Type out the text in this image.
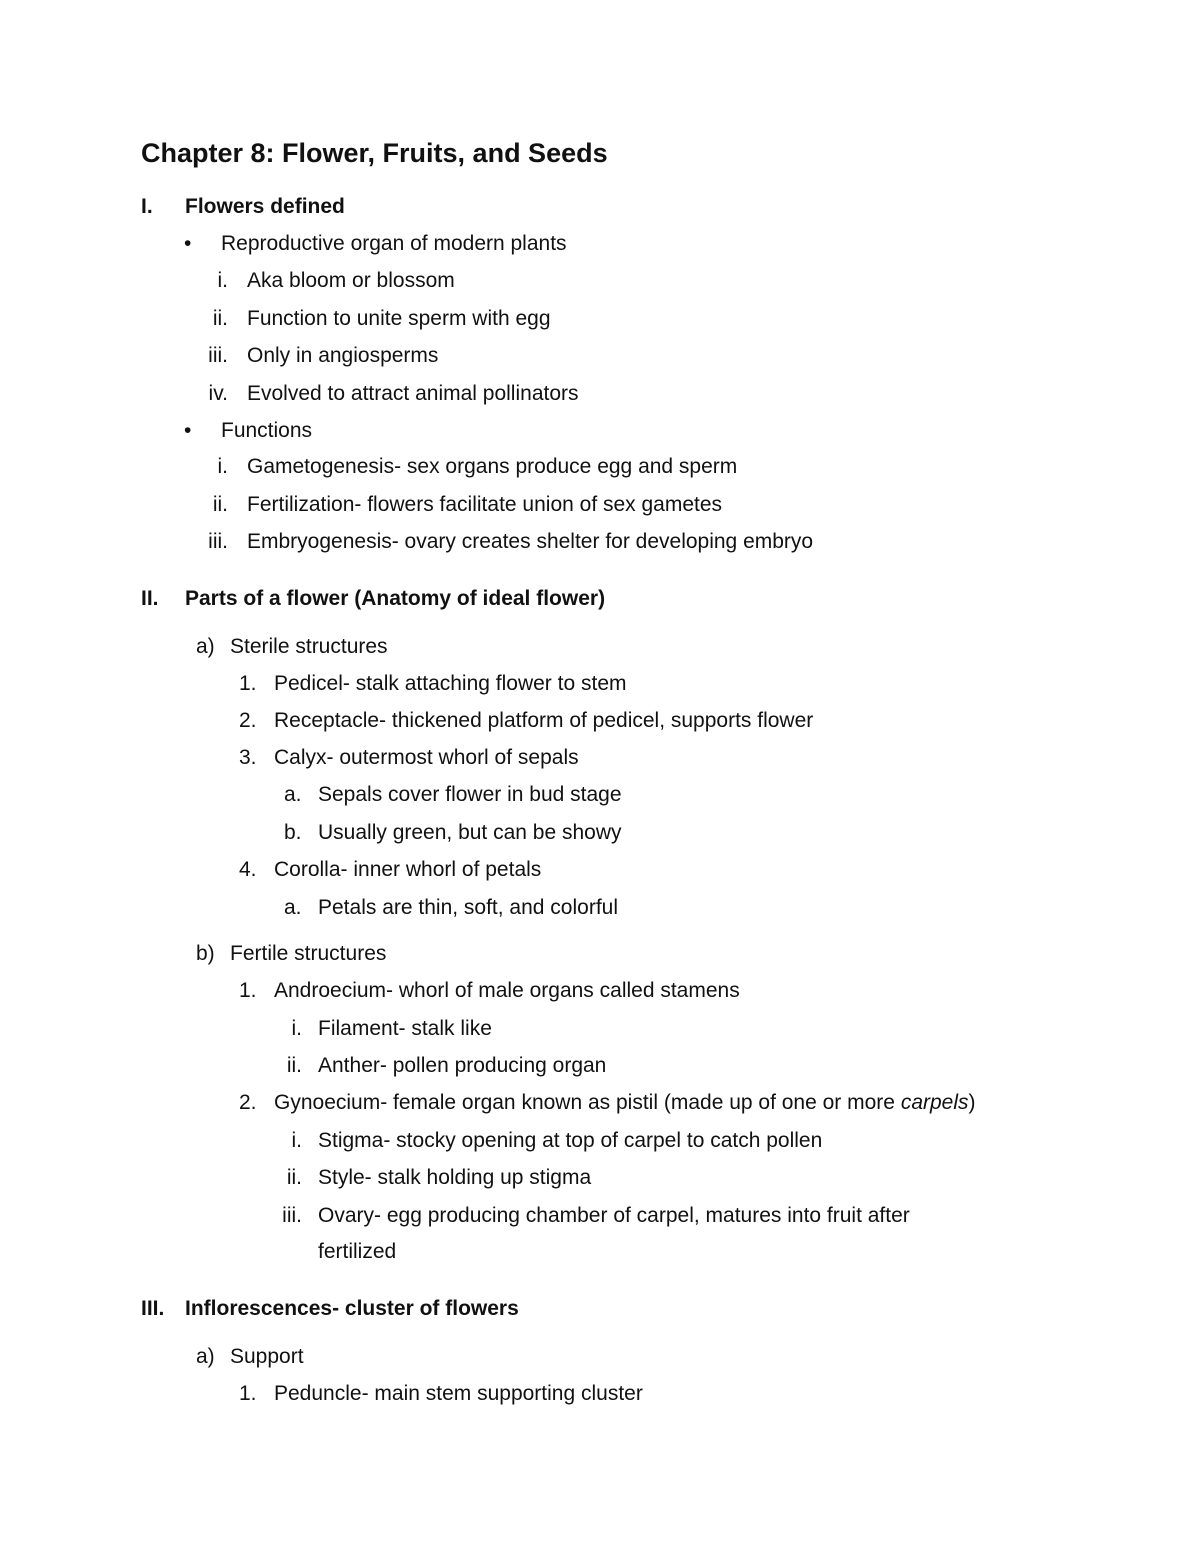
Chapter 8: Flower, Fruits, and Seeds
I. Flowers defined
• Reproductive organ of modern plants
i. Aka bloom or blossom
ii. Function to unite sperm with egg
iii. Only in angiosperms
iv. Evolved to attract animal pollinators
• Functions
i. Gametogenesis- sex organs produce egg and sperm
ii. Fertilization- flowers facilitate union of sex gametes
iii. Embryogenesis- ovary creates shelter for developing embryo
II. Parts of a flower (Anatomy of ideal flower)
a) Sterile structures
1. Pedicel- stalk attaching flower to stem
2. Receptacle- thickened platform of pedicel, supports flower
3. Calyx- outermost whorl of sepals
a. Sepals cover flower in bud stage
b. Usually green, but can be showy
4. Corolla- inner whorl of petals
a. Petals are thin, soft, and colorful
b) Fertile structures
1. Androecium- whorl of male organs called stamens
i. Filament- stalk like
ii. Anther- pollen producing organ
2. Gynoecium- female organ known as pistil (made up of one or more carpels)
i. Stigma- stocky opening at top of carpel to catch pollen
ii. Style- stalk holding up stigma
iii. Ovary- egg producing chamber of carpel, matures into fruit after
fertilized
III. Inflorescences- cluster of flowers
a) Support
1. Peduncle- main stem supporting cluster
